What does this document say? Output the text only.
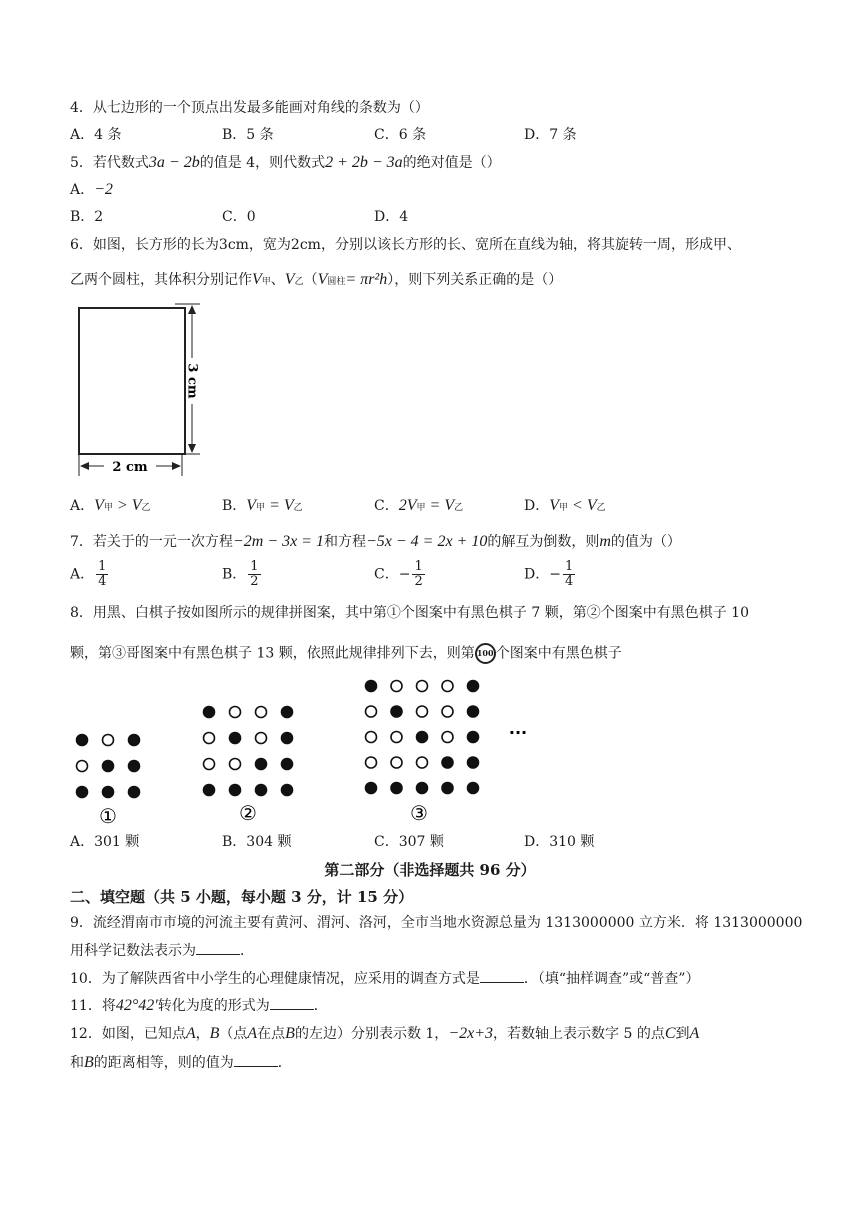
4．从七边形的一个顶点出发最多能画对角线的条数为（）
A．4 条	B．5 条	C．6 条	D．7 条
5．若代数式3a − 2b的值是 4，则代数式2 + 2b − 3a的绝对值是（）
A．−2
B．2	C．0	D．4
6．如图，长方形的长为3cm，宽为2cm，分别以该长方形的长、宽所在直线为轴，将其旋转一周，形成甲、
乙两个圆柱，其体积分别记作V甲、V乙（V圆柱= πr²h），则下列关系正确的是（）
3 cm
2 cm
A．V甲 > V乙	B．V甲 = V乙	C．2V甲 = V乙	D．V甲 < V乙
7．若关于的一元一次方程−2m − 3x = 1和方程−5x − 4 = 2x + 10的解互为倒数，则m的值为（）
A． $\frac{1}{4}$	B． $\frac{1}{2}$	C．− $\frac{1}{2}$	D．− $\frac{1}{4}$
8．用黑、白棋子按如图所示的规律拼图案，其中第①个图案中有黑色棋子 7 颗，第②个图案中有黑色棋子 10
颗，第③哥图案中有黑色棋子 13 颗，依照此规律排列下去，则第 100 个图案中有黑色棋子
①	②	③
···
A．301 颗	B．304 颗	C．307 颗	D．310 颗
第二部分（非选择题共 96 分）
二、填空题（共 5 小题，每小题 3 分，计 15 分）
9．流经渭南市市境的河流主要有黄河、渭河、洛河，全市当地水资源总量为 1313000000 立方米．将 1313000000
用科学记数法表示为	．
10．为了解陕西省中小学生的心理健康情况，应采用的调查方式是	．（填“抽样调查”或“普查”）
11．将42°42′转化为度的形式为	．
12．如图，已知点A，B（点A在点B的左边）分别表示数 1，−2x+3，若数轴上表示数字 5 的点C到A
和B的距离相等，则的值为	．
